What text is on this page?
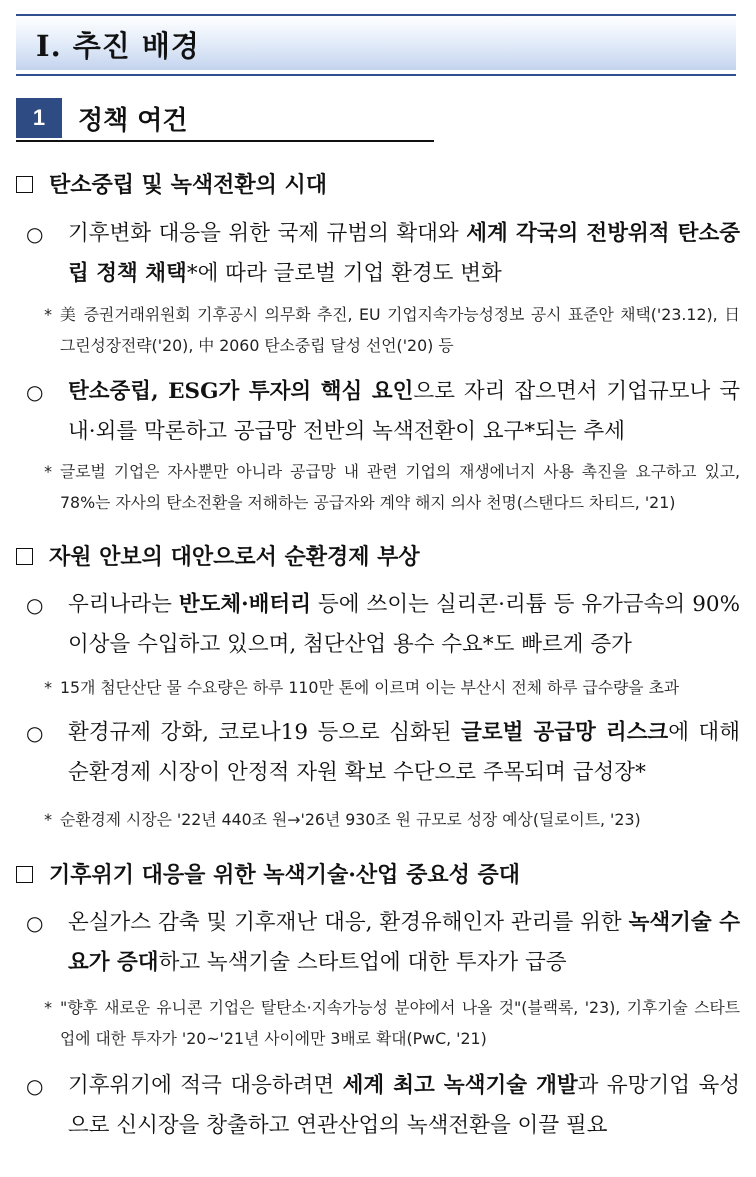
Ⅰ. 추진 배경
1	정책 여건
탄소중립 및 녹색전환의 시대
○	기후변화 대응을 위한 국제 규범의 확대와 세계 각국의 전방위적 탄소중립 정책 채택*에 따라 글로벌 기업 환경도 변화
* 美 증권거래위원회 기후공시 의무화 추진, EU 기업지속가능성정보 공시 표준안 채택('23.12), 日 그린성장전략('20), 中 2060 탄소중립 달성 선언('20) 등
○	탄소중립, ESG가 투자의 핵심 요인으로 자리 잡으면서 기업규모나 국내·외를 막론하고 공급망 전반의 녹색전환이 요구*되는 추세
* 글로벌 기업은 자사뿐만 아니라 공급망 내 관련 기업의 재생에너지 사용 촉진을 요구하고 있고, 78%는 자사의 탄소전환을 저해하는 공급자와 계약 해지 의사 천명(스탠다드 차티드, '21)
자원 안보의 대안으로서 순환경제 부상
○	우리나라는 반도체·배터리 등에 쓰이는 실리콘·리튬 등 유가금속의 90% 이상을 수입하고 있으며, 첨단산업 용수 수요*도 빠르게 증가
* 15개 첨단산단 물 수요량은 하루 110만 톤에 이르며 이는 부산시 전체 하루 급수량을 초과
○	환경규제 강화, 코로나19 등으로 심화된 글로벌 공급망 리스크에 대해 순환경제 시장이 안정적 자원 확보 수단으로 주목되며 급성장*
* 순환경제 시장은 '22년 440조 원→'26년 930조 원 규모로 성장 예상(딜로이트, '23)
기후위기 대응을 위한 녹색기술·산업 중요성 증대
○	온실가스 감축 및 기후재난 대응, 환경유해인자 관리를 위한 녹색기술 수요가 증대하고 녹색기술 스타트업에 대한 투자가 급증
* "향후 새로운 유니콘 기업은 탈탄소·지속가능성 분야에서 나올 것"(블랙록, '23), 기후기술 스타트업에 대한 투자가 '20~'21년 사이에만 3배로 확대(PwC, '21)
○	기후위기에 적극 대응하려면 세계 최고 녹색기술 개발과 유망기업 육성으로 신시장을 창출하고 연관산업의 녹색전환을 이끌 필요
